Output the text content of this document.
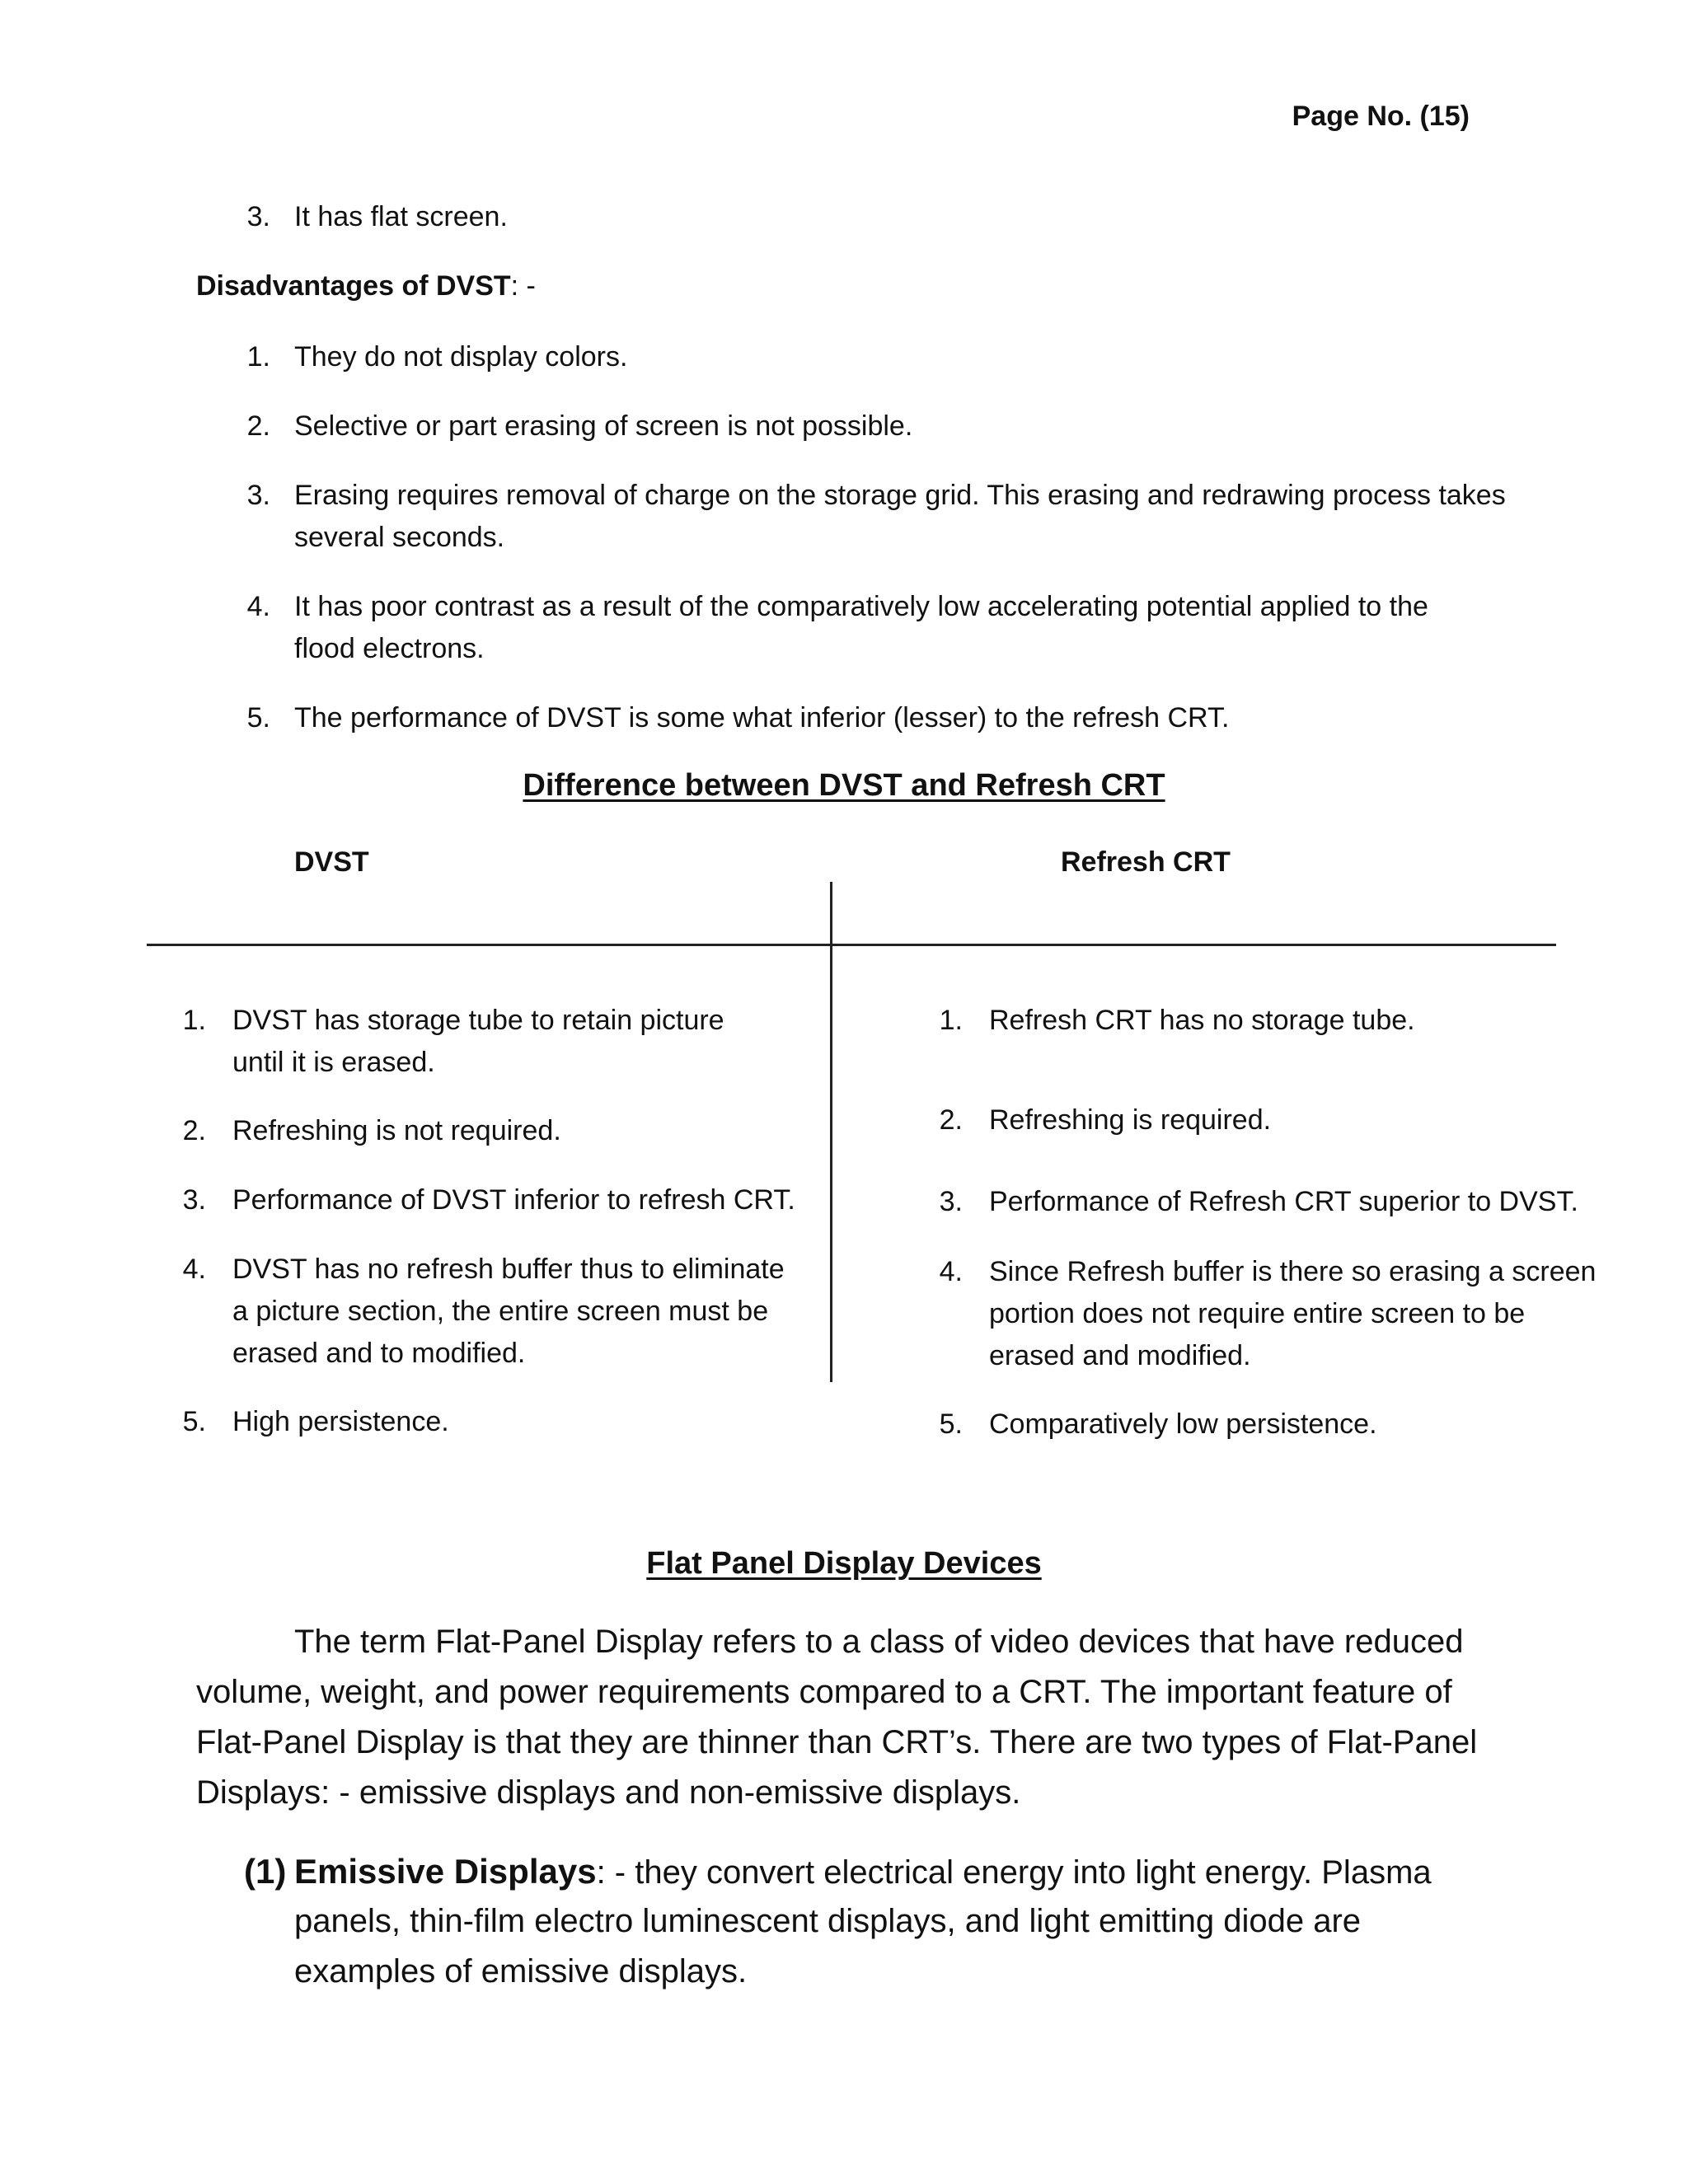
Page No. (15)
3. It has flat screen.
Disadvantages of DVST: -
1. They do not display colors.
2. Selective or part erasing of screen is not possible.
3. Erasing requires removal of charge on the storage grid. This erasing and redrawing process takes
several seconds.
4. It has poor contrast as a result of the comparatively low accelerating potential applied to the
flood electrons.
5. The performance of DVST is some what inferior (lesser) to the refresh CRT.
Difference between DVST and Refresh CRT
DVST	Refresh CRT
1. DVST has storage tube to retain picture
until it is erased.
2. Refreshing is not required.
3. Performance of DVST inferior to refresh CRT.
4. DVST has no refresh buffer thus to eliminate
a picture section, the entire screen must be
erased and to modified.
5. High persistence.
1. Refresh CRT has no storage tube.
2. Refreshing is required.
3. Performance of Refresh CRT superior to DVST.
4. Since Refresh buffer is there so erasing a screen
portion does not require entire screen to be
erased and modified.
5. Comparatively low persistence.
Flat Panel Display Devices
The term Flat-Panel Display refers to a class of video devices that have reduced
volume, weight, and power requirements compared to a CRT. The important feature of
Flat-Panel Display is that they are thinner than CRT’s. There are two types of Flat-Panel
Displays: - emissive displays and non-emissive displays.
(1) Emissive Displays: - they convert electrical energy into light energy. Plasma
panels, thin-film electro luminescent displays, and light emitting diode are
examples of emissive displays.
